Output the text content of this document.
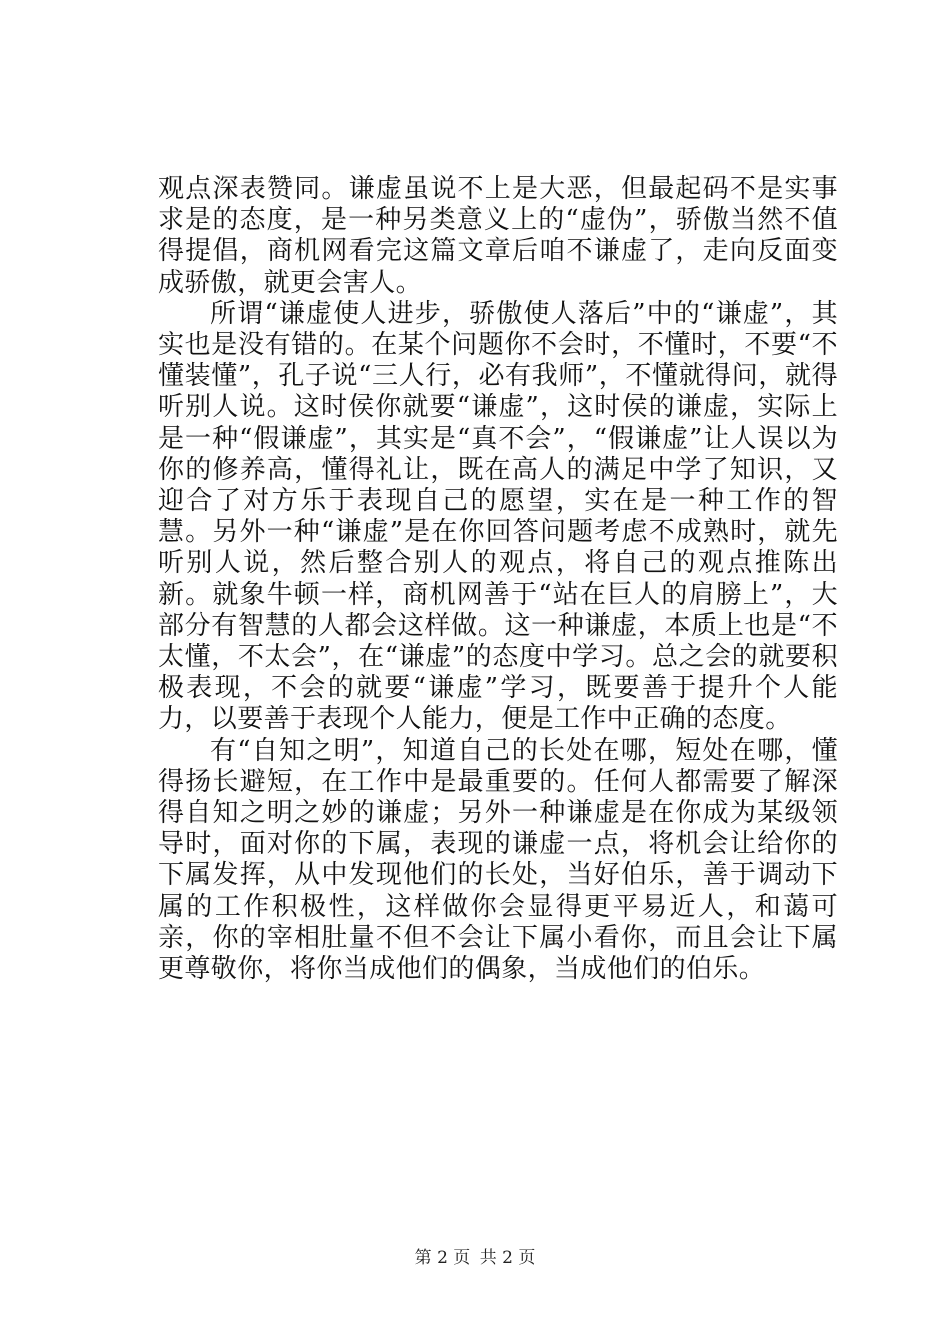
观点深表赞同。谦虚虽说不上是大恶，但最起码不是实事求是的态度，是一种另类意义上的“虚伪”，骄傲当然不值得提倡，商机网看完这篇文章后咱不谦虚了，走向反面变成骄傲，就更会害人。

所谓“谦虚使人进步，骄傲使人落后”中的“谦虚”，其实也是没有错的。在某个问题你不会时，不懂时，不要“不懂装懂”，孔子说“三人行，必有我师”，不懂就得问，就得听别人说。这时侯你就要“谦虚”，这时侯的谦虚，实际上是一种“假谦虚”，其实是“真不会”，“假谦虚”让人误以为你的修养高，懂得礼让，既在高人的满足中学了知识，又迎合了对方乐于表现自己的愿望，实在是一种工作的智慧。另外一种“谦虚”是在你回答问题考虑不成熟时，就先听别人说，然后整合别人的观点，将自己的观点推陈出新。就象牛顿一样，商机网善于“站在巨人的肩膀上”，大部分有智慧的人都会这样做。这一种谦虚，本质上也是“不太懂，不太会”，在“谦虚”的态度中学习。总之会的就要积极表现，不会的就要“谦虚”学习，既要善于提升个人能力，以要善于表现个人能力，便是工作中正确的态度。

有“自知之明”，知道自己的长处在哪，短处在哪，懂得扬长避短，在工作中是最重要的。任何人都需要了解深得自知之明之妙的谦虚；另外一种谦虚是在你成为某级领导时，面对你的下属，表现的谦虚一点，将机会让给你的下属发挥，从中发现他们的长处，当好伯乐，善于调动下属的工作积极性，这样做你会显得更平易近人，和蔼可亲，你的宰相肚量不但不会让下属小看你，而且会让下属更尊敬你，将你当成他们的偶象，当成他们的伯乐。

第 2 页 共 2 页
